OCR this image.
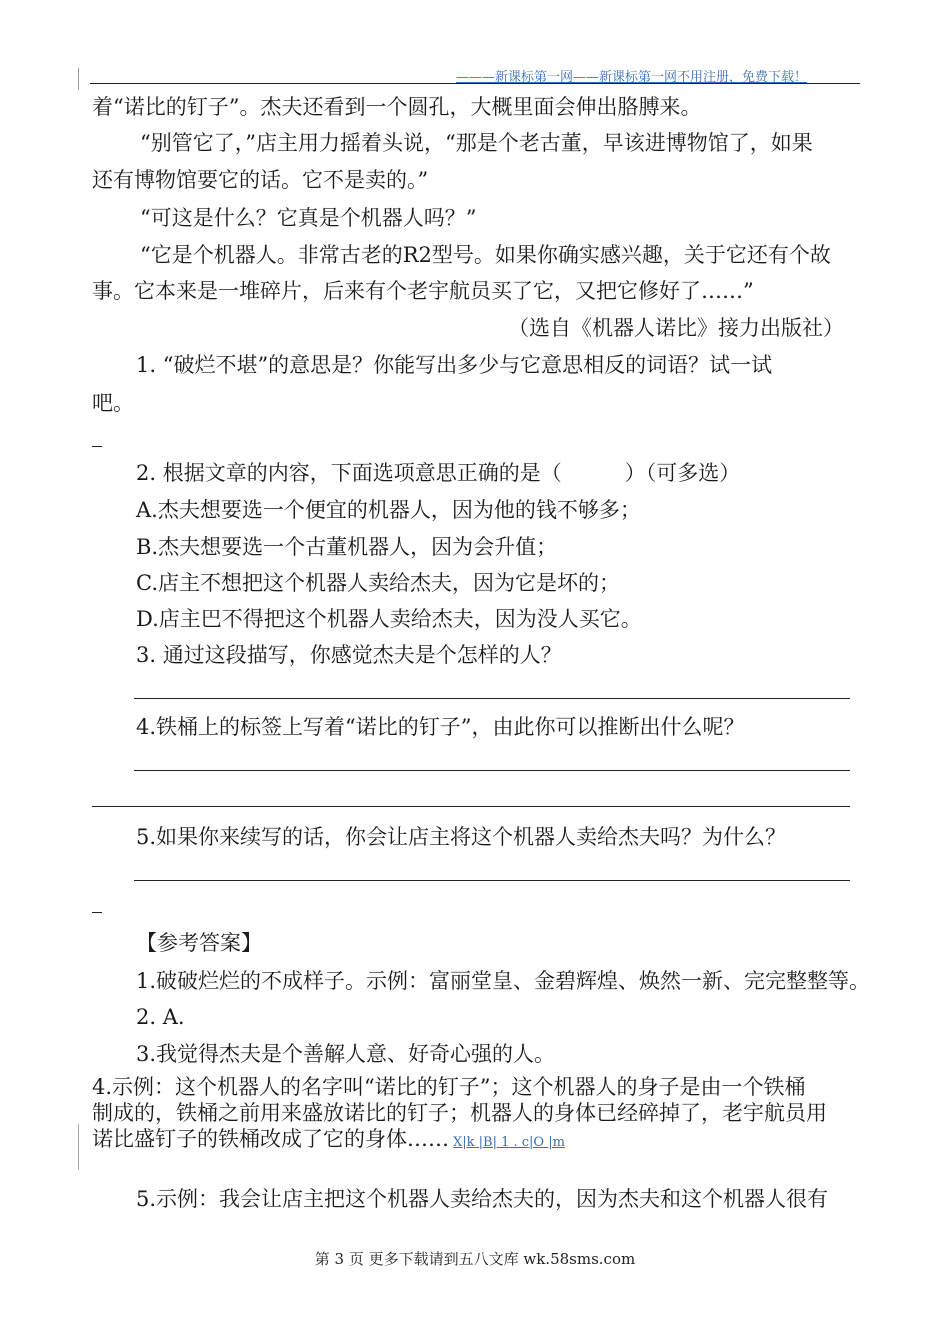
———新课标第一网——新课标第一网不用注册，免费下载！
着“诺比的钉子”。杰夫还看到一个圆孔，大概里面会伸出胳膊来。
“别管它了，”店主用力摇着头说，“那是个老古董，早该进博物馆了，如果
还有博物馆要它的话。它不是卖的。”
“可这是什么？它真是个机器人吗？”
“它是个机器人。非常古老的R2型号。如果你确实感兴趣，关于它还有个故
事。它本来是一堆碎片，后来有个老宇航员买了它，又把它修好了……”
（选自《机器人诺比》接力出版社）
1. “破烂不堪”的意思是？你能写出多少与它意思相反的词语？试一试
吧。
2. 根据文章的内容，下面选项意思正确的是（　　　）（可多选）
A.杰夫想要选一个便宜的机器人，因为他的钱不够多；
B.杰夫想要选一个古董机器人，因为会升值；
C.店主不想把这个机器人卖给杰夫，因为它是坏的；
D.店主巴不得把这个机器人卖给杰夫，因为没人买它。
3. 通过这段描写，你感觉杰夫是个怎样的人？
4.铁桶上的标签上写着“诺比的钉子”，由此你可以推断出什么呢？
5.如果你来续写的话，你会让店主将这个机器人卖给杰夫吗？为什么？
【参考答案】
1.破破烂烂的不成样子。示例：富丽堂皇、金碧辉煌、焕然一新、完完整整等。
2. A.
3.我觉得杰夫是个善解人意、好奇心强的人。
4.示例：这个机器人的名字叫“诺比的钉子”；这个机器人的身子是由一个铁桶
制成的，铁桶之前用来盛放诺比的钉子；机器人的身体已经碎掉了，老宇航员用
诺比盛钉子的铁桶改成了它的身体…… X|k |B| 1 . c|O |m
5.示例：我会让店主把这个机器人卖给杰夫的，因为杰夫和这个机器人很有
第 3 页 更多下载请到五八文库 wk.58sms.com
